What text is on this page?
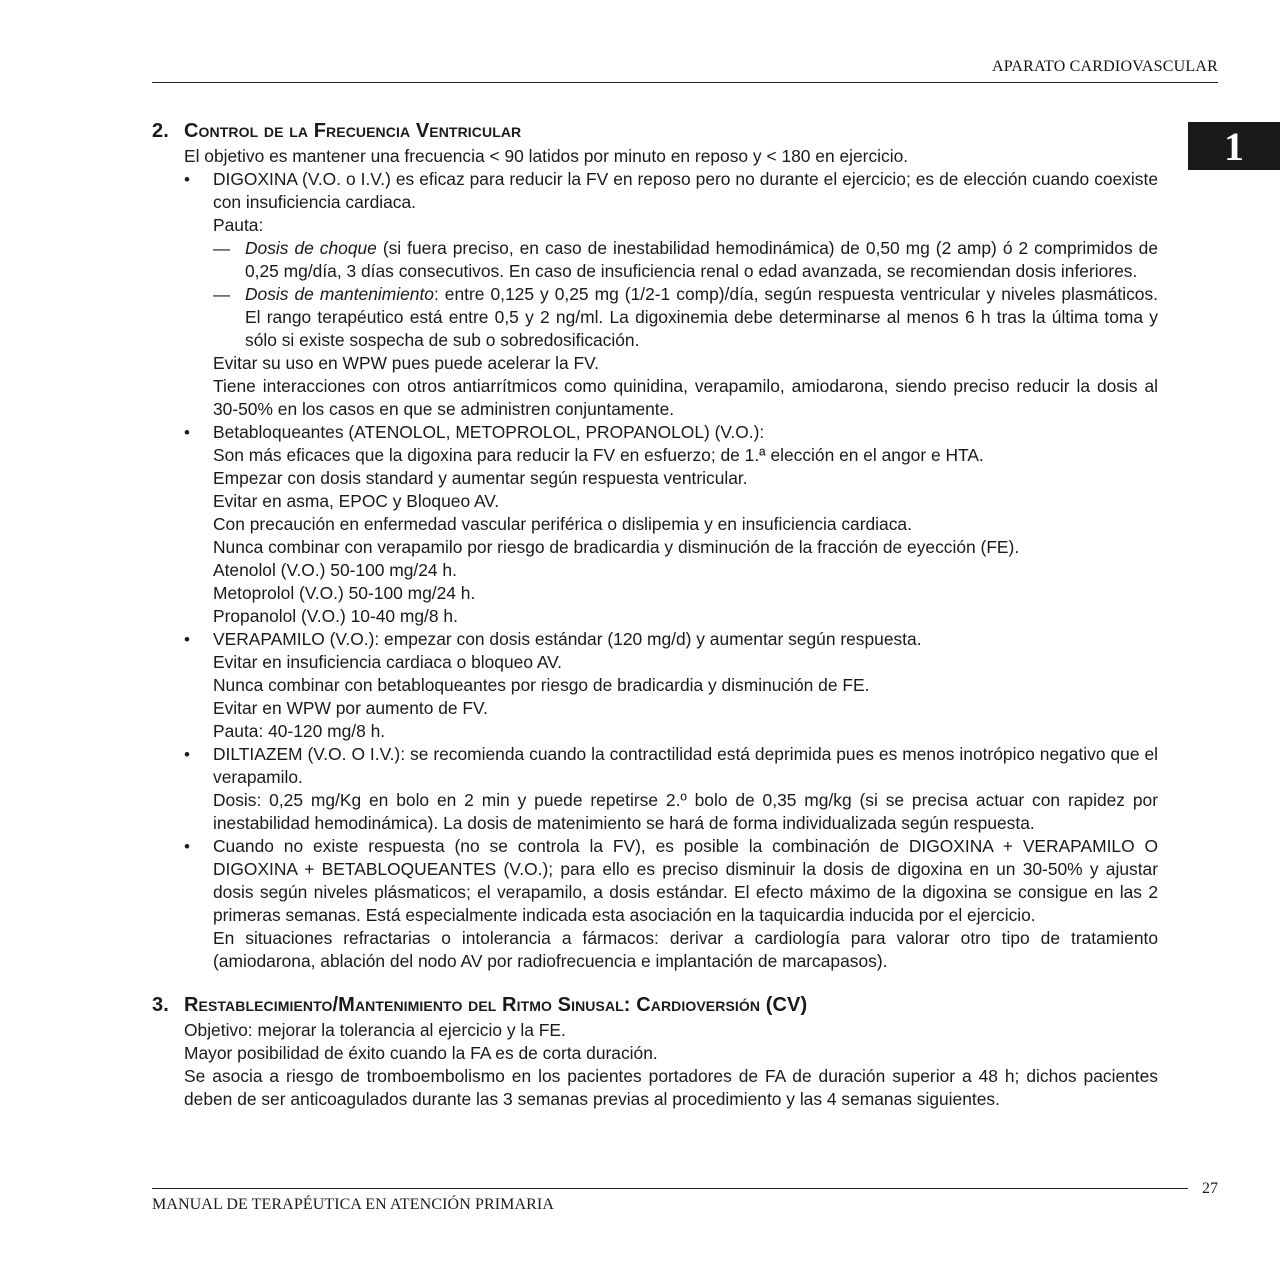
APARATO CARDIOVASCULAR
1
2. Control de la Frecuencia Ventricular

El objetivo es mantener una frecuencia < 90 latidos por minuto en reposo y < 180 en ejercicio.

• DIGOXINA (V.O. o I.V.) es eficaz para reducir la FV en reposo pero no durante el ejercicio; es de elección cuando coexiste con insuficiencia cardiaca.

Pauta:

— Dosis de choque (si fuera preciso, en caso de inestabilidad hemodinámica) de 0,50 mg (2 amp) ó 2 comprimidos de 0,25 mg/día, 3 días consecutivos. En caso de insuficiencia renal o edad avanzada, se recomiendan dosis inferiores.

— Dosis de mantenimiento: entre 0,125 y 0,25 mg (1/2-1 comp)/día, según respuesta ventricular y niveles plasmáticos. El rango terapéutico está entre 0,5 y 2 ng/ml. La digoxinemia debe determinarse al menos 6 h tras la última toma y sólo si existe sospecha de sub o sobredosificación.

Evitar su uso en WPW pues puede acelerar la FV.

Tiene interacciones con otros antiarrítmicos como quinidina, verapamilo, amiodarona, siendo preciso reducir la dosis al 30-50% en los casos en que se administren conjuntamente.

• Betabloqueantes (ATENOLOL, METOPROLOL, PROPANOLOL) (V.O.):

Son más eficaces que la digoxina para reducir la FV en esfuerzo; de 1.ª elección en el angor e HTA.

Empezar con dosis standard y aumentar según respuesta ventricular.

Evitar en asma, EPOC y Bloqueo AV.

Con precaución en enfermedad vascular periférica o dislipemia y en insuficiencia cardiaca.

Nunca combinar con verapamilo por riesgo de bradicardia y disminución de la fracción de eyección (FE).

Atenolol (V.O.) 50-100 mg/24 h.

Metoprolol (V.O.) 50-100 mg/24 h.

Propanolol (V.O.) 10-40 mg/8 h.

• VERAPAMILO (V.O.): empezar con dosis estándar (120 mg/d) y aumentar según respuesta.

Evitar en insuficiencia cardiaca o bloqueo AV.

Nunca combinar con betabloqueantes por riesgo de bradicardia y disminución de FE.

Evitar en WPW por aumento de FV.

Pauta: 40-120 mg/8 h.

• DILTIAZEM (V.O. O I.V.): se recomienda cuando la contractilidad está deprimida pues es menos inotrópico negativo que el verapamilo.

Dosis: 0,25 mg/Kg en bolo en 2 min y puede repetirse 2.º bolo de 0,35 mg/kg (si se precisa actuar con rapidez por inestabilidad hemodinámica). La dosis de matenimiento se hará de forma individualizada según respuesta.

• Cuando no existe respuesta (no se controla la FV), es posible la combinación de DIGOXINA + VERAPAMILO O DIGOXINA + BETABLOQUEANTES (V.O.); para ello es preciso disminuir la dosis de digoxina en un 30-50% y ajustar dosis según niveles plásmaticos; el verapamilo, a dosis estándar. El efecto máximo de la digoxina se consigue en las 2 primeras semanas. Está especialmente indicada esta asociación en la taquicardia inducida por el ejercicio.

En situaciones refractarias o intolerancia a fármacos: derivar a cardiología para valorar otro tipo de tratamiento (amiodarona, ablación del nodo AV por radiofrecuencia e implantación de marcapasos).

3. Restablecimiento/Mantenimiento del Ritmo Sinusal: Cardioversión (CV)

Objetivo: mejorar la tolerancia al ejercicio y la FE.

Mayor posibilidad de éxito cuando la FA es de corta duración.

Se asocia a riesgo de tromboembolismo en los pacientes portadores de FA de duración superior a 48 h; dichos pacientes deben de ser anticoagulados durante las 3 semanas previas al procedimiento y las 4 semanas siguientes.

27
MANUAL DE TERAPÉUTICA EN ATENCIÓN PRIMARIA
